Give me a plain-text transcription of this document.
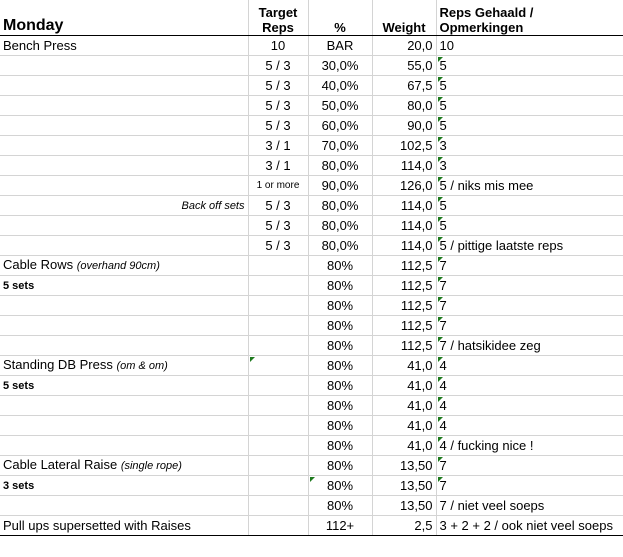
Monday	Target Reps	%	Weight	Reps Gehaald / Opmerkingen
Bench Press	10	BAR	20,0	10
	5 / 3	30,0%	55,0	5
	5 / 3	40,0%	67,5	5
	5 / 3	50,0%	80,0	5
	5 / 3	60,0%	90,0	5
	3 / 1	70,0%	102,5	3
	3 / 1	80,0%	114,0	3
	1 or more	90,0%	126,0	5 / niks mis mee
Back off sets	5 / 3	80,0%	114,0	5
	5 / 3	80,0%	114,0	5
	5 / 3	80,0%	114,0	5 / pittige laatste reps
Cable Rows (overhand 90cm)		80%	112,5	7
5 sets		80%	112,5	7
		80%	112,5	7
		80%	112,5	7
		80%	112,5	7 / hatsikidee zeg
Standing DB Press (om & om)		80%	41,0	4
5 sets		80%	41,0	4
		80%	41,0	4
		80%	41,0	4
		80%	41,0	4 / fucking nice !
Cable Lateral Raise (single rope)		80%	13,50	7
3 sets		80%	13,50	7
		80%	13,50	7 / niet veel soeps
Pull ups supersetted with Raises		112+	2,5	3 + 2 + 2 / ook niet veel soeps
